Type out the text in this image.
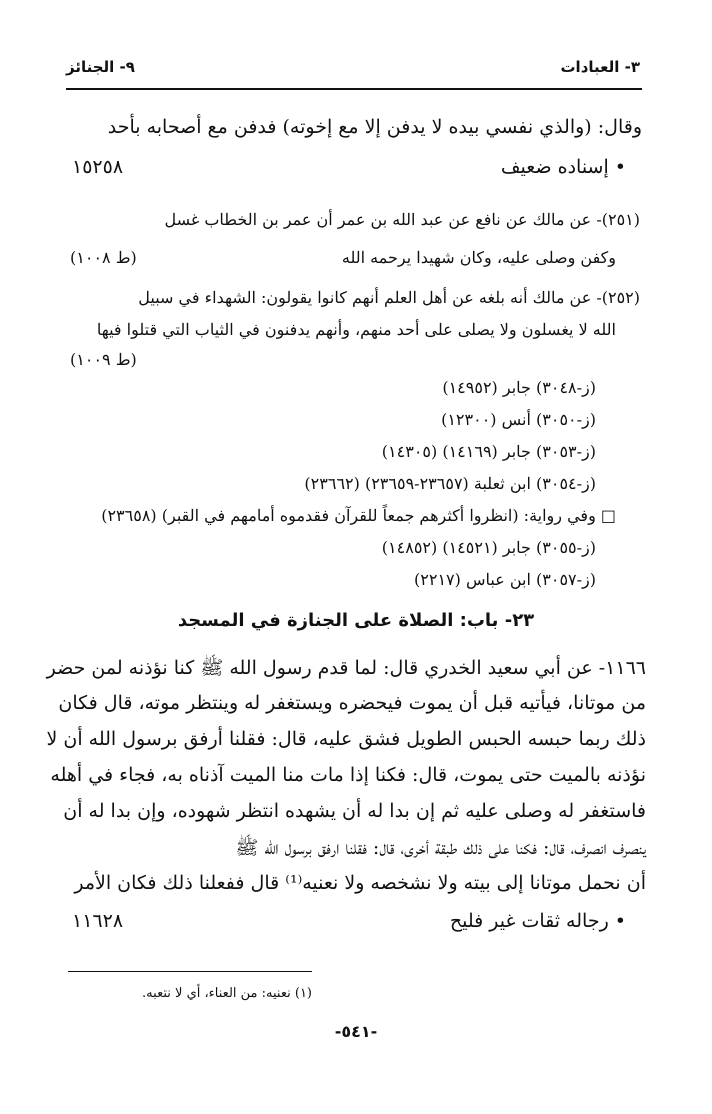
٣- العبادات
٩- الجنائز
وقال: (والذي نفسي بيده لا يدفن إلا مع إخوته) فدفن مع أصحابه بأحد
• إسناده ضعيف
١٥٢٥٨
(٢٥١)- عن مالك عن نافع عن عبد الله بن عمر أن عمر بن الخطاب غسل
وكفن وصلى عليه، وكان شهيدا يرحمه الله
(ط ١٠٠٨)
(٢٥٢)- عن مالك أنه بلغه عن أهل العلم أنهم كانوا يقولون: الشهداء في سبيل
الله لا يغسلون ولا يصلى على أحد منهم، وأنهم يدفنون في الثياب التي قتلوا فيها
(ط ١٠٠٩)
(ز-٣٠٤٨) جابر (١٤٩٥٢)
(ز-٣٠٥٠) أنس (١٢٣٠٠)
(ز-٣٠٥٣) جابر (١٤١٦٩) (١٤٣٠٥)
(ز-٣٠٥٤) ابن ثعلبة (٢٣٦٥٧-٢٣٦٥٩) (٢٣٦٦٢)
□ وفي رواية: (انظروا أكثرهم جمعاً للقرآن فقدموه أمامهم في القبر) (٢٣٦٥٨)
(ز-٣٠٥٥) جابر (١٤٥٢١) (١٤٨٥٢)
(ز-٣٠٥٧) ابن عباس (٢٢١٧)
٢٣- باب: الصلاة على الجنازة في المسجد
١١٦٦- عن أبي سعيد الخدري قال: لما قدم رسول الله ﷺ كنا نؤذنه لمن حضر
من موتانا، فيأتيه قبل أن يموت فيحضره ويستغفر له وينتظر موته، قال فكان
ذلك ربما حبسه الحبس الطويل فشق عليه، قال: فقلنا أرفق برسول الله أن لا
نؤذنه بالميت حتى يموت، قال: فكنا إذا مات منا الميت آذناه به، فجاء في أهله
فاستغفر له وصلى عليه ثم إن بدا له أن يشهده انتظر شهوده، وإن بدا له أن
ينصرف انصرف، قال: فكنا على ذلك طبقة أخرى، قال: فقلنا ارفق برسول الله ﷺ
أن نحمل موتانا إلى بيته ولا نشخصه ولا نعنيه⁽¹⁾ قال ففعلنا ذلك فكان الأمر
• رجاله ثقات غير فليح
١١٦٢٨
(١) نعنيه: من العناء، أي لا نتعبه.
-٥٤١-
